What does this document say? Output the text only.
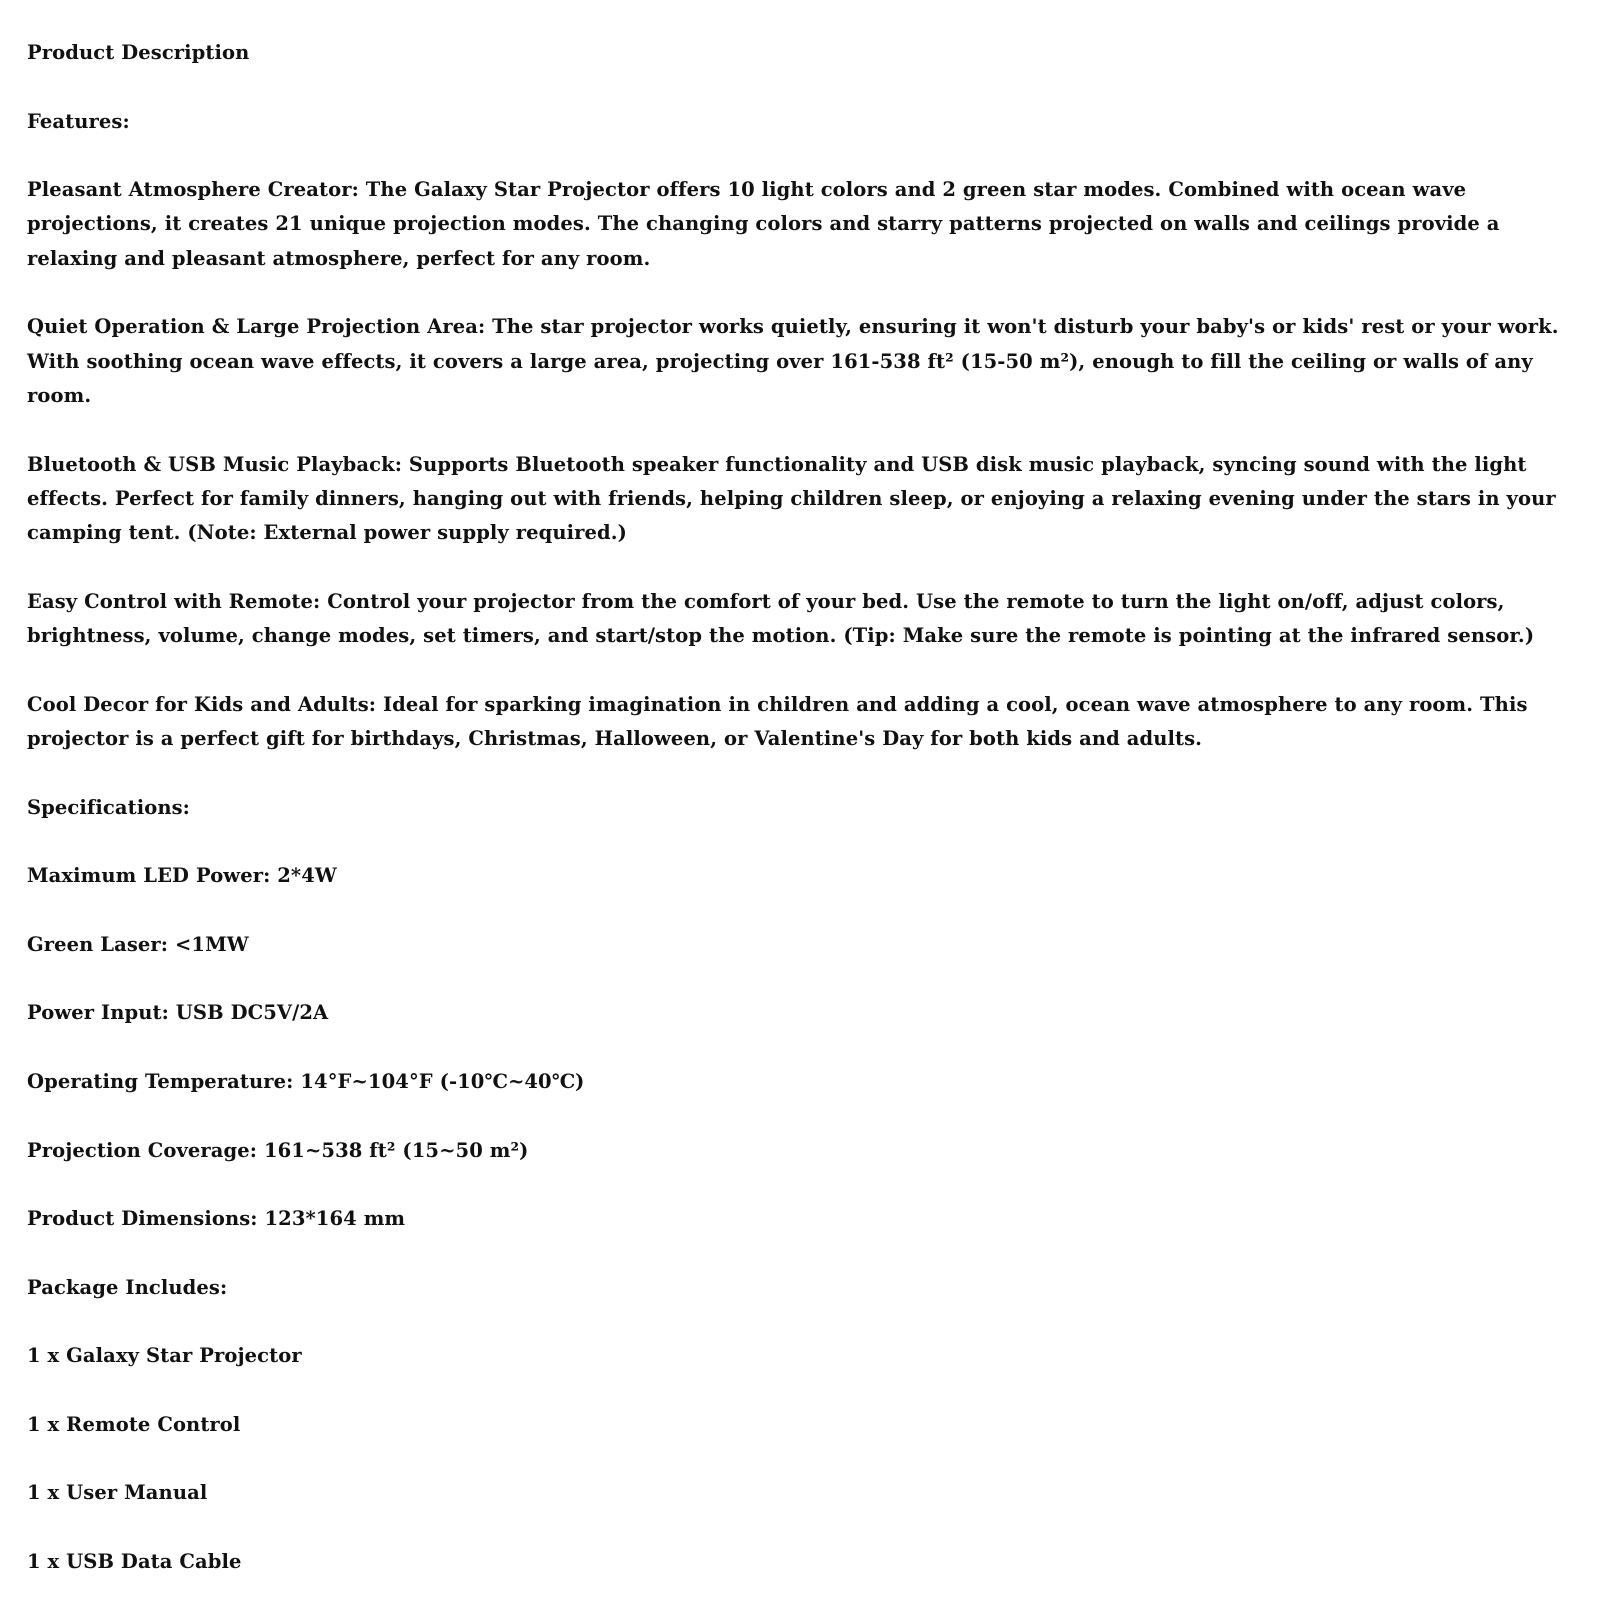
Product Description

Features:

Pleasant Atmosphere Creator: The Galaxy Star Projector offers 10 light colors and 2 green star modes. Combined with ocean wave projections, it creates 21 unique projection modes. The changing colors and starry patterns projected on walls and ceilings provide a relaxing and pleasant atmosphere, perfect for any room.

Quiet Operation & Large Projection Area: The star projector works quietly, ensuring it won't disturb your baby's or kids' rest or your work. With soothing ocean wave effects, it covers a large area, projecting over 161-538 ft² (15-50 m²), enough to fill the ceiling or walls of any room.

Bluetooth & USB Music Playback: Supports Bluetooth speaker functionality and USB disk music playback, syncing sound with the light effects. Perfect for family dinners, hanging out with friends, helping children sleep, or enjoying a relaxing evening under the stars in your camping tent. (Note: External power supply required.)

Easy Control with Remote: Control your projector from the comfort of your bed. Use the remote to turn the light on/off, adjust colors, brightness, volume, change modes, set timers, and start/stop the motion. (Tip: Make sure the remote is pointing at the infrared sensor.)

Cool Decor for Kids and Adults: Ideal for sparking imagination in children and adding a cool, ocean wave atmosphere to any room. This projector is a perfect gift for birthdays, Christmas, Halloween, or Valentine's Day for both kids and adults.

Specifications:

Maximum LED Power: 2*4W

Green Laser: <1MW

Power Input: USB DC5V/2A

Operating Temperature: 14°F~104°F (-10℃~40℃)

Projection Coverage: 161~538 ft² (15~50 m²)

Product Dimensions: 123*164 mm

Package Includes:

1 x Galaxy Star Projector

1 x Remote Control

1 x User Manual

1 x USB Data Cable
